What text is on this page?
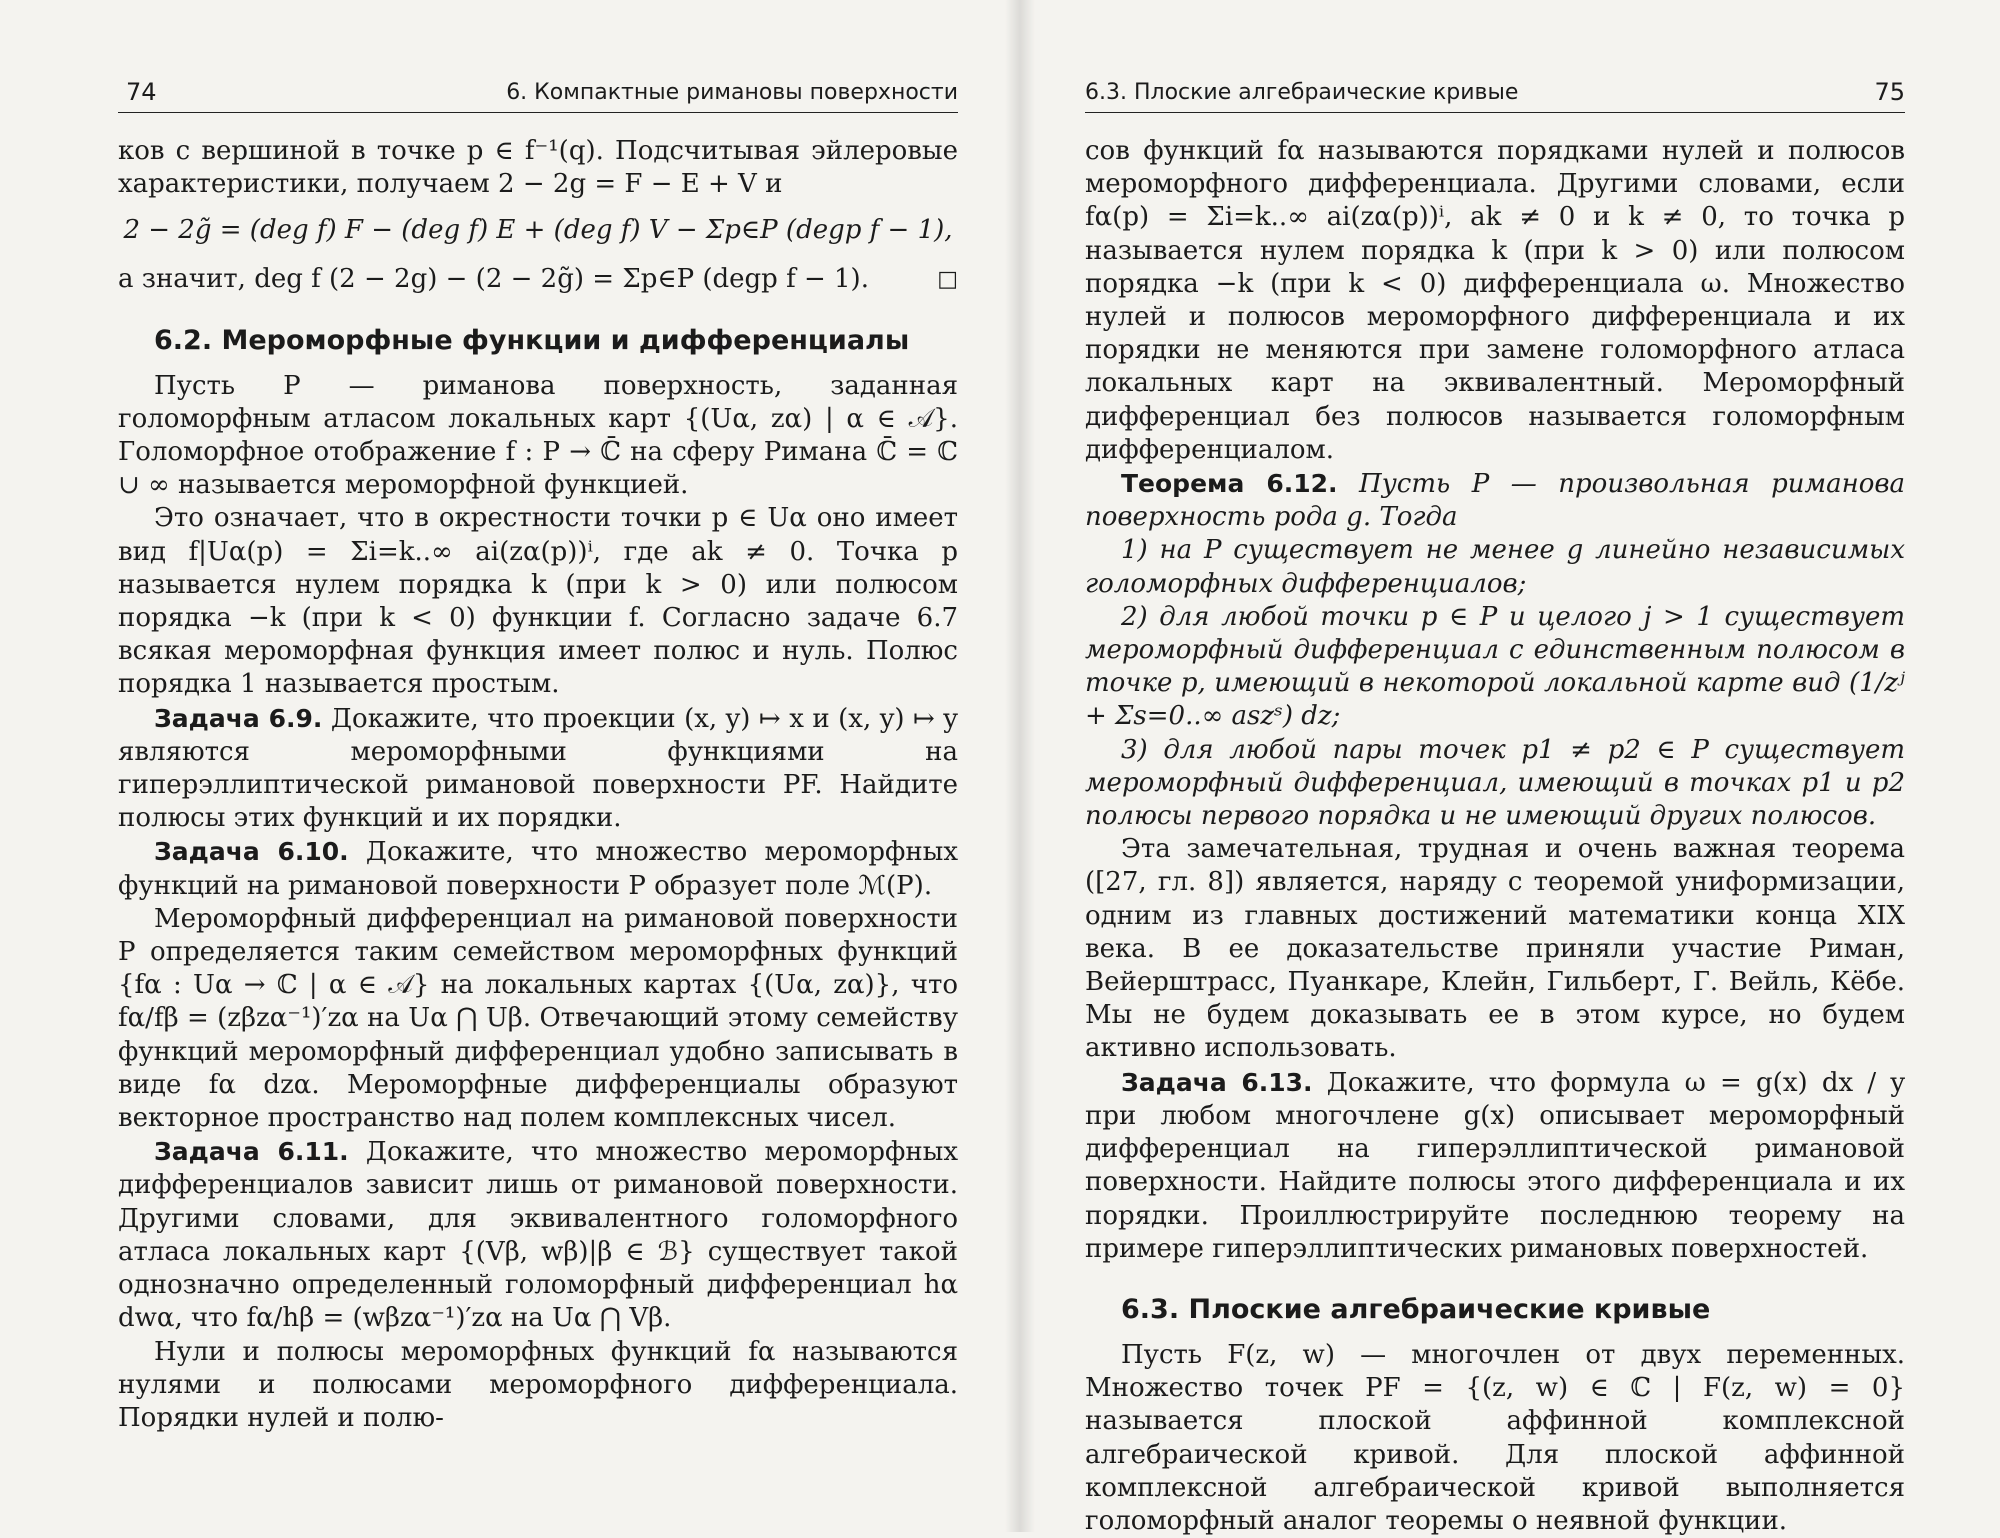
74	6. Компактные римановы поверхности

ков с вершиной в точке p ∈ f⁻¹(q). Подсчитывая эйлеровые характеристики, получаем 2 − 2g = F − E + V и

2 − 2g̃ = (deg f) F − (deg f) E + (deg f) V − Σp∈P (degp f − 1),

□
а значит, deg f (2 − 2g) − (2 − 2g̃) = Σp∈P (degp f − 1).

6.2. Мероморфные функции и дифференциалы

Пусть P — риманова поверхность, заданная голоморфным атласом локальных карт {(Uα, zα) | α ∈ 𝒜}. Голоморфное отображение f : P → ℂ̄ на сферу Римана ℂ̄ = ℂ ∪ ∞ называется мероморфной функцией.

Это означает, что в окрестности точки p ∈ Uα оно имеет вид f|Uα(p) = Σi=k..∞ ai(zα(p))ⁱ, где ak ≠ 0. Точка p называется нулем порядка k (при k > 0) или полюсом порядка −k (при k < 0) функции f. Согласно задаче 6.7 всякая мероморфная функция имеет полюс и нуль. Полюс порядка 1 называется простым.

Задача 6.9. Докажите, что проекции (x, y) ↦ x и (x, y) ↦ y являются мероморфными функциями на гиперэллиптической римановой поверхности PF. Найдите полюсы этих функций и их порядки.

Задача 6.10. Докажите, что множество мероморфных функций на римановой поверхности P образует поле ℳ(P).

Мероморфный дифференциал на римановой поверхности P определяется таким семейством мероморфных функций {fα : Uα → ℂ | α ∈ 𝒜} на локальных картах {(Uα, zα)}, что fα/fβ = (zβzα⁻¹)′zα на Uα ⋂ Uβ. Отвечающий этому семейству функций мероморфный дифференциал удобно записывать в виде fα dzα. Мероморфные дифференциалы образуют векторное пространство над полем комплексных чисел.

Задача 6.11. Докажите, что множество мероморфных дифференциалов зависит лишь от римановой поверхности. Другими словами, для эквивалентного голоморфного атласа локальных карт {(Vβ, wβ)|β ∈ ℬ} существует такой однозначно определенный голоморфный дифференциал hα dwα, что fα/hβ = (wβzα⁻¹)′zα на Uα ⋂ Vβ.

Нули и полюсы мероморфных функций fα называются нулями и полюсами мероморфного дифференциала. Порядки нулей и полю-

6.3. Плоские алгебраические кривые	75

сов функций fα называются порядками нулей и полюсов мероморфного дифференциала. Другими словами, если fα(p) = Σi=k..∞ ai(zα(p))ⁱ, ak ≠ 0 и k ≠ 0, то точка p называется нулем порядка k (при k > 0) или полюсом порядка −k (при k < 0) дифференциала ω. Множество нулей и полюсов мероморфного дифференциала и их порядки не меняются при замене голоморфного атласа локальных карт на эквивалентный. Мероморфный дифференциал без полюсов называется голоморфным дифференциалом.

Теорема 6.12. Пусть P — произвольная риманова поверхность рода g. Тогда

1) на P существует не менее g линейно независимых голоморфных дифференциалов;

2) для любой точки p ∈ P и целого j > 1 существует мероморфный дифференциал с единственным полюсом в точке p, имеющий в некоторой локальной карте вид (1/zʲ + Σs=0..∞ aszˢ) dz;

3) для любой пары точек p1 ≠ p2 ∈ P существует мероморфный дифференциал, имеющий в точках p1 и p2 полюсы первого порядка и не имеющий других полюсов.

Эта замечательная, трудная и очень важная теорема ([27, гл. 8]) является, наряду с теоремой униформизации, одним из главных достижений математики конца XIX века. В ее доказательстве приняли участие Риман, Вейерштрасс, Пуанкаре, Клейн, Гильберт, Г. Вейль, Кёбе. Мы не будем доказывать ее в этом курсе, но будем активно использовать.

Задача 6.13. Докажите, что формула ω = g(x) dx / y при любом многочлене g(x) описывает мероморфный дифференциал на гиперэллиптической римановой поверхности. Найдите полюсы этого дифференциала и их порядки. Проиллюстрируйте последнюю теорему на примере гиперэллиптических римановых поверхностей.

6.3. Плоские алгебраические кривые

Пусть F(z, w) — многочлен от двух переменных. Множество точек PF = {(z, w) ∈ ℂ | F(z, w) = 0} называется плоской аффинной комплексной алгебраической кривой. Для плоской аффинной комплексной алгебраической кривой выполняется голоморфный аналог теоремы о неявной функции.
